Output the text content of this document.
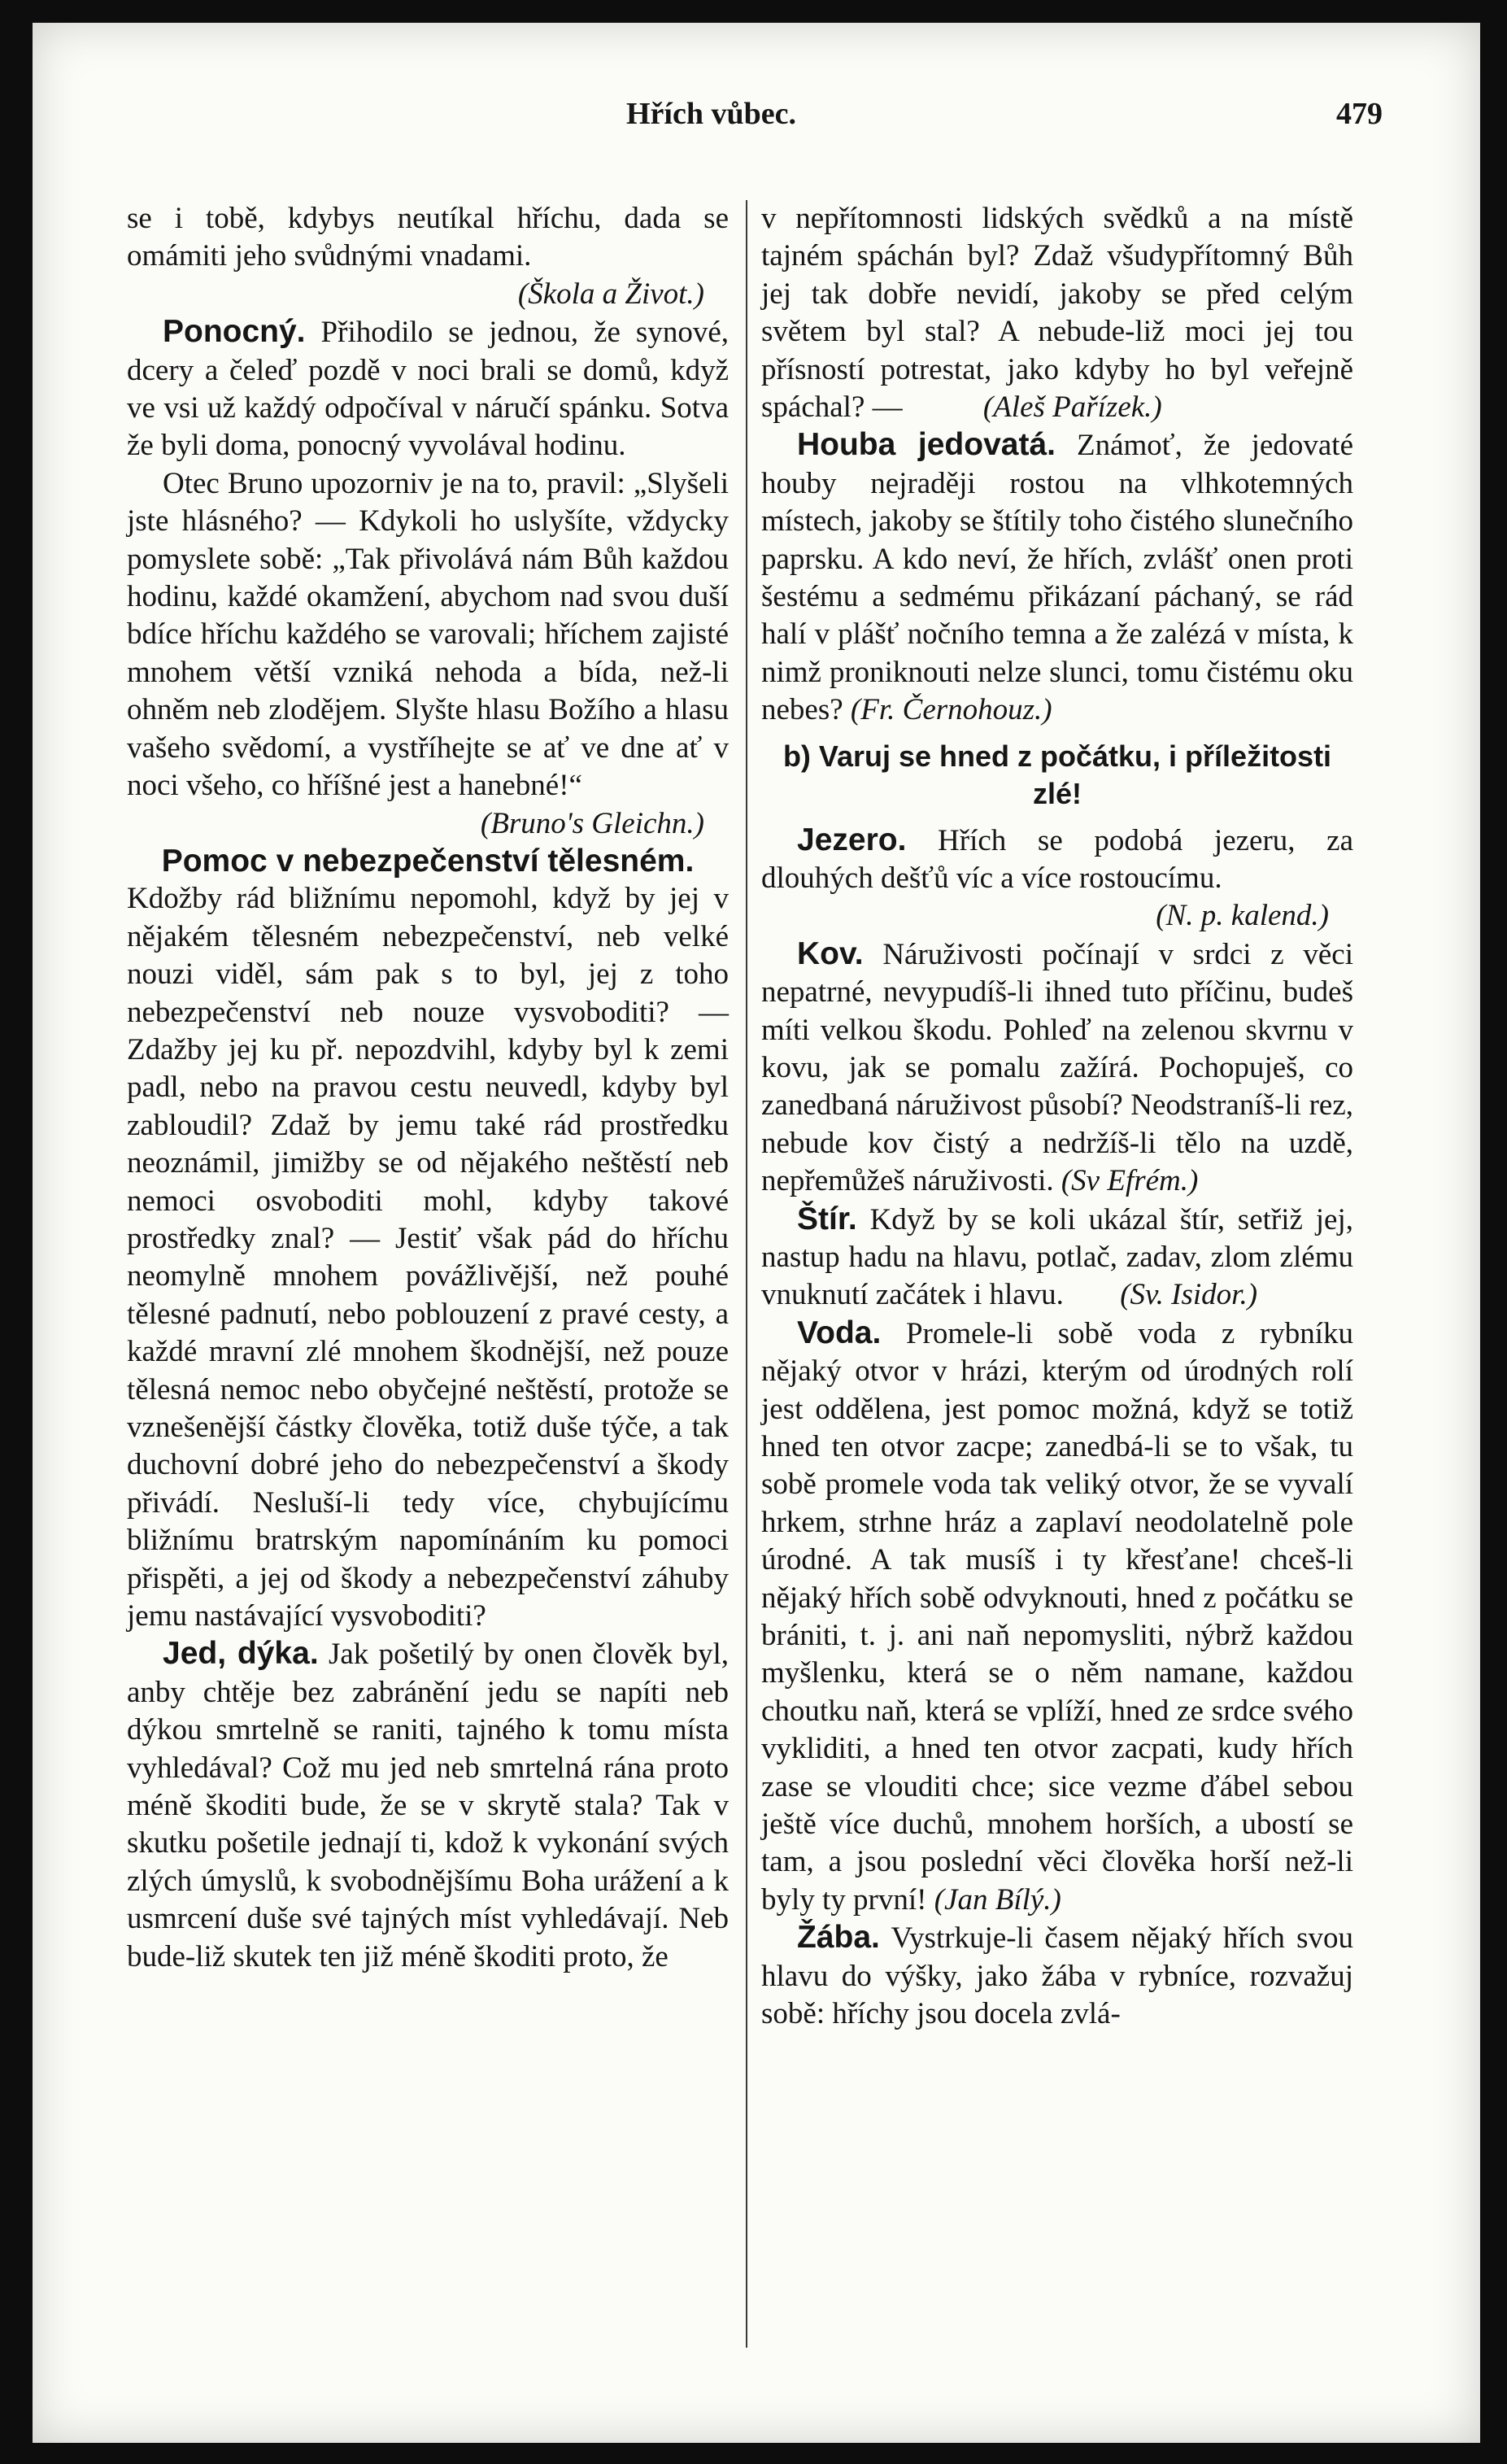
Hřích vůbec.	479

se i tobě, kdybys neutíkal hříchu, dada se omámiti jeho svůdnými vnadami.

(Škola a Život.)

Ponocný. Přihodilo se jednou, že synové, dcery a čeleď pozdě v noci brali se domů, když ve vsi už každý odpočíval v náručí spánku. Sotva že byli doma, ponocný vyvolával hodinu.

Otec Bruno upozorniv je na to, pravil: „Slyšeli jste hlásného? — Kdykoli ho uslyšíte, vždycky pomyslete sobě: „Tak přivolává nám Bůh každou hodinu, každé okamžení, abychom nad svou duší bdíce hříchu každého se varovali; hříchem zajisté mnohem větší vzniká nehoda a bída, než-li ohněm neb zlodějem. Slyšte hlasu Božího a hlasu vašeho svědomí, a vystříhejte se ať ve dne ať v noci všeho, co hříšné jest a hanebné!“

(Bruno's Gleichn.)

Pomoc v nebezpečenství tělesném.

Kdožby rád bližnímu nepomohl, když by jej v nějakém tělesném nebezpečenství, neb velké nouzi viděl, sám pak s to byl, jej z toho nebezpečenství neb nouze vysvoboditi? — Zdažby jej ku př. nepozdvihl, kdyby byl k zemi padl, nebo na pravou cestu neuvedl, kdyby byl zabloudil? Zdaž by jemu také rád prostředku neoznámil, jimižby se od nějakého neštěstí neb nemoci osvoboditi mohl, kdyby takové prostředky znal? — Jestiť však pád do hříchu neomylně mnohem povážlivější, než pouhé tělesné padnutí, nebo poblouzení z pravé cesty, a každé mravní zlé mnohem škodnější, než pouze tělesná nemoc nebo obyčejné neštěstí, protože se vznešenější částky člověka, totiž duše týče, a tak duchovní dobré jeho do nebezpečenství a škody přivádí. Nesluší-li tedy více, chybujícímu bližnímu bratrským napomínáním ku pomoci přispěti, a jej od škody a nebezpečenství záhuby jemu nastávající vysvoboditi?

Jed, dýka. Jak pošetilý by onen člověk byl, anby chtěje bez zabránění jedu se napíti neb dýkou smrtelně se raniti, tajného k tomu místa vyhledával? Což mu jed neb smrtelná rána proto méně škoditi bude, že se v skrytě stala? Tak v skutku pošetile jednají ti, kdož k vykonání svých zlých úmyslů, k svobodnějšímu Boha urážení a k usmrcení duše své tajných míst vyhledávají. Neb bude-liž skutek ten již méně škoditi proto, že

v nepřítomnosti lidských svědků a na místě tajném spáchán byl? Zdaž všudypřítomný Bůh jej tak dobře nevidí, jakoby se před celým světem byl stal? A nebude-liž moci jej tou přísností potrestat, jako kdyby ho byl veřejně spáchal? —	(Aleš Pařízek.)

Houba jedovatá. Známoť, že jedovaté houby nejraději rostou na vlhkotemných místech, jakoby se štítily toho čistého slunečního paprsku. A kdo neví, že hřích, zvlášť onen proti šestému a sedmému přikázaní páchaný, se rád halí v plášť nočního temna a že zalézá v místa, k nimž proniknouti nelze slunci, tomu čistému oku nebes? (Fr. Černohouz.)

b) Varuj se hned z počátku, i příležitosti zlé!

Jezero. Hřích se podobá jezeru, za dlouhých dešťů víc a více rostoucímu.

(N. p. kalend.)

Kov. Náruživosti počínají v srdci z věci nepatrné, nevypudíš-li ihned tuto příčinu, budeš míti velkou škodu. Pohleď na zelenou skvrnu v kovu, jak se pomalu zažírá. Pochopuješ, co zanedbaná náruživost působí? Neodstraníš-li rez, nebude kov čistý a nedržíš-li tělo na uzdě, nepřemůžeš náruživosti. (Sv Efrém.)

Štír. Když by se koli ukázal štír, setřiž jej, nastup hadu na hlavu, potlač, zadav, zlom zlému vnuknutí začátek i hlavu. (Sv. Isidor.)

Voda. Promele-li sobě voda z rybníku nějaký otvor v hrázi, kterým od úrodných rolí jest oddělena, jest pomoc možná, když se totiž hned ten otvor zacpe; zanedbá-li se to však, tu sobě promele voda tak veliký otvor, že se vyvalí hrkem, strhne hráz a zaplaví neodolatelně pole úrodné. A tak musíš i ty křesťane! chceš-li nějaký hřích sobě odvyknouti, hned z počátku se brániti, t. j. ani naň nepomysliti, nýbrž každou myšlenku, která se o něm namane, každou choutku naň, která se vplíží, hned ze srdce svého vykliditi, a hned ten otvor zacpati, kudy hřích zase se vlouditi chce; sice vezme ďábel sebou ještě více duchů, mnohem horších, a ubostí se tam, a jsou poslední věci člověka horší než-li byly ty první! (Jan Bílý.)

Žába. Vystrkuje-li časem nějaký hřích svou hlavu do výšky, jako žába v rybníce, rozvažuj sobě: hříchy jsou docela zvlá-
